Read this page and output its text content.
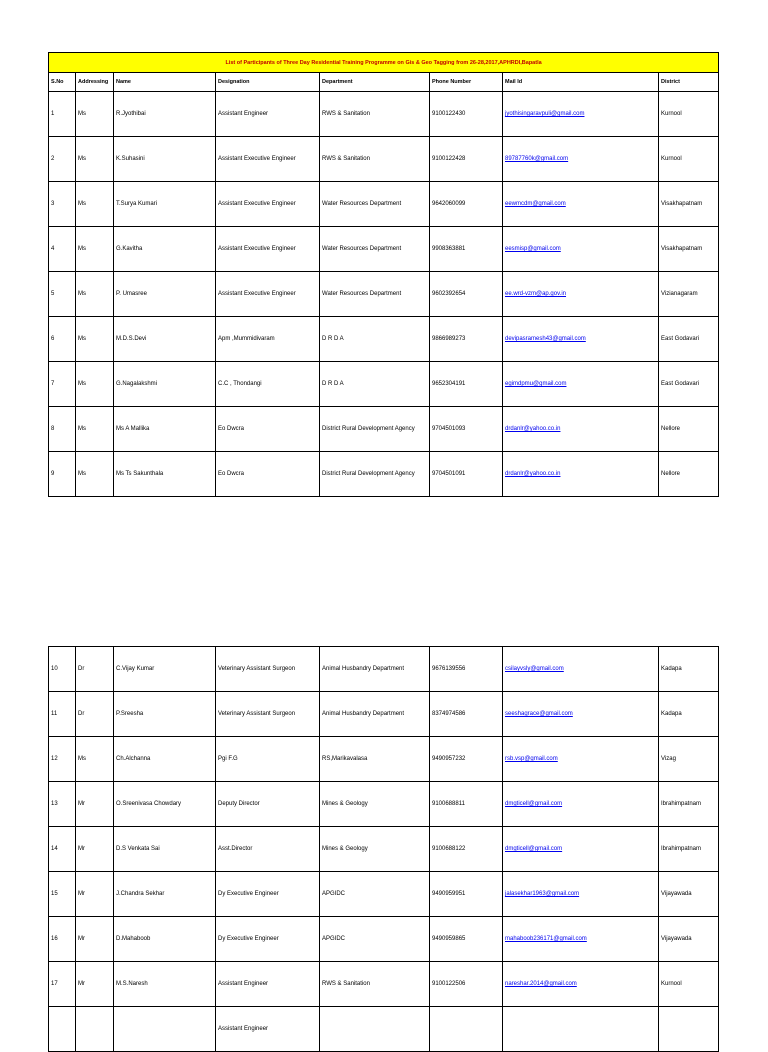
List of Participants of Three Day Residential Training Programme on Gis & Geo Tagging from 26-28,2017,APHRDI,Bapatla							
S.No	Addressing	Name	Designation	Department	Phone Number	Mail Id	District
1	Ms	R.Jyothibai	Assistant Engineer	RWS & Sanitation	9100122430	jyothisingaravpuli@gmail.com	Kurnool
2	Ms	K.Suhasini	Assistant Executive Engineer	RWS & Sanitation	9100122428	89787760k@gmail.com	Kurnool
3	Ms	T.Surya Kumari	Assistant Executive Engineer	Water Resources Department	9642060099	eewmcdm@gmail.com	Visakhapatnam
4	Ms	G.Kavitha	Assistant Executive Engineer	Water Resources Department	9908363881	eesmisp@gmail.com	Visakhapatnam
5	Ms	P. Umasree	Assistant Executive Engineer	Water Resources Department	9602392654	ee.wrd-vzm@ap.gov.in	Vizianagaram
6	Ms	M.D.S.Devi	Apm ,Mummidivaram	D R D A	9866989273	devipasramesh43@gmail.com	East Godavari
7	Ms	G.Nagalakshmi	C.C , Thondangi	D R D A	9652304191	egimdpmu@gmail.com	East Godavari
8	Ms	Ms A Mallika	Eo Dwcra	District Rural Development Agency	9704501093	drdanlr@yahoo.co.in	Nellore
9	Ms	Ms Ts Sakunthala	Eo Dwcra	District Rural Development Agency	9704501091	drdanlr@yahoo.co.in	Nellore
10	Dr	C.Vijay Kumar	Veterinary Assistant Surgeon	Animal Husbandry Department	9676139556	csilayvsly@gmail.com	Kadapa
11	Dr	P.Sreesha	Veterinary Assistant Surgeon	Animal Husbandry Department	8374974586	seeshagrace@gmail.com	Kadapa
12	Ms	Ch.Alchanna	Pgi F.G	RS,Marikavalasa	9490957232	rsb.vsp@gmail.com	Vizag
13	Mr	O.Sreenivasa Chowdary	Deputy Director	Mines & Geology	9100688811	dmgticell@gmail.com	Ibrahimpatnam
14	Mr	D.S Venkata Sai	Asst.Director	Mines & Geology	9100688122	dmgticell@gmail.com	Ibrahimpatnam
15	Mr	J.Chandra Sekhar	Dy Executive Engineer	APGIDC	9490959951	jalasekhar1963@gmail.com	Vijayawada
16	Mr	D.Mahaboob	Dy Executive Engineer	APGIDC	9490959865	mahaboob236171@gmail.com	Vijayawada
17	Mr	M.S.Naresh	Assistant Engineer	RWS & Sanitation	9100122506	nareshar.2014@gmail.com	Kurnool
			Assistant Engineer				
